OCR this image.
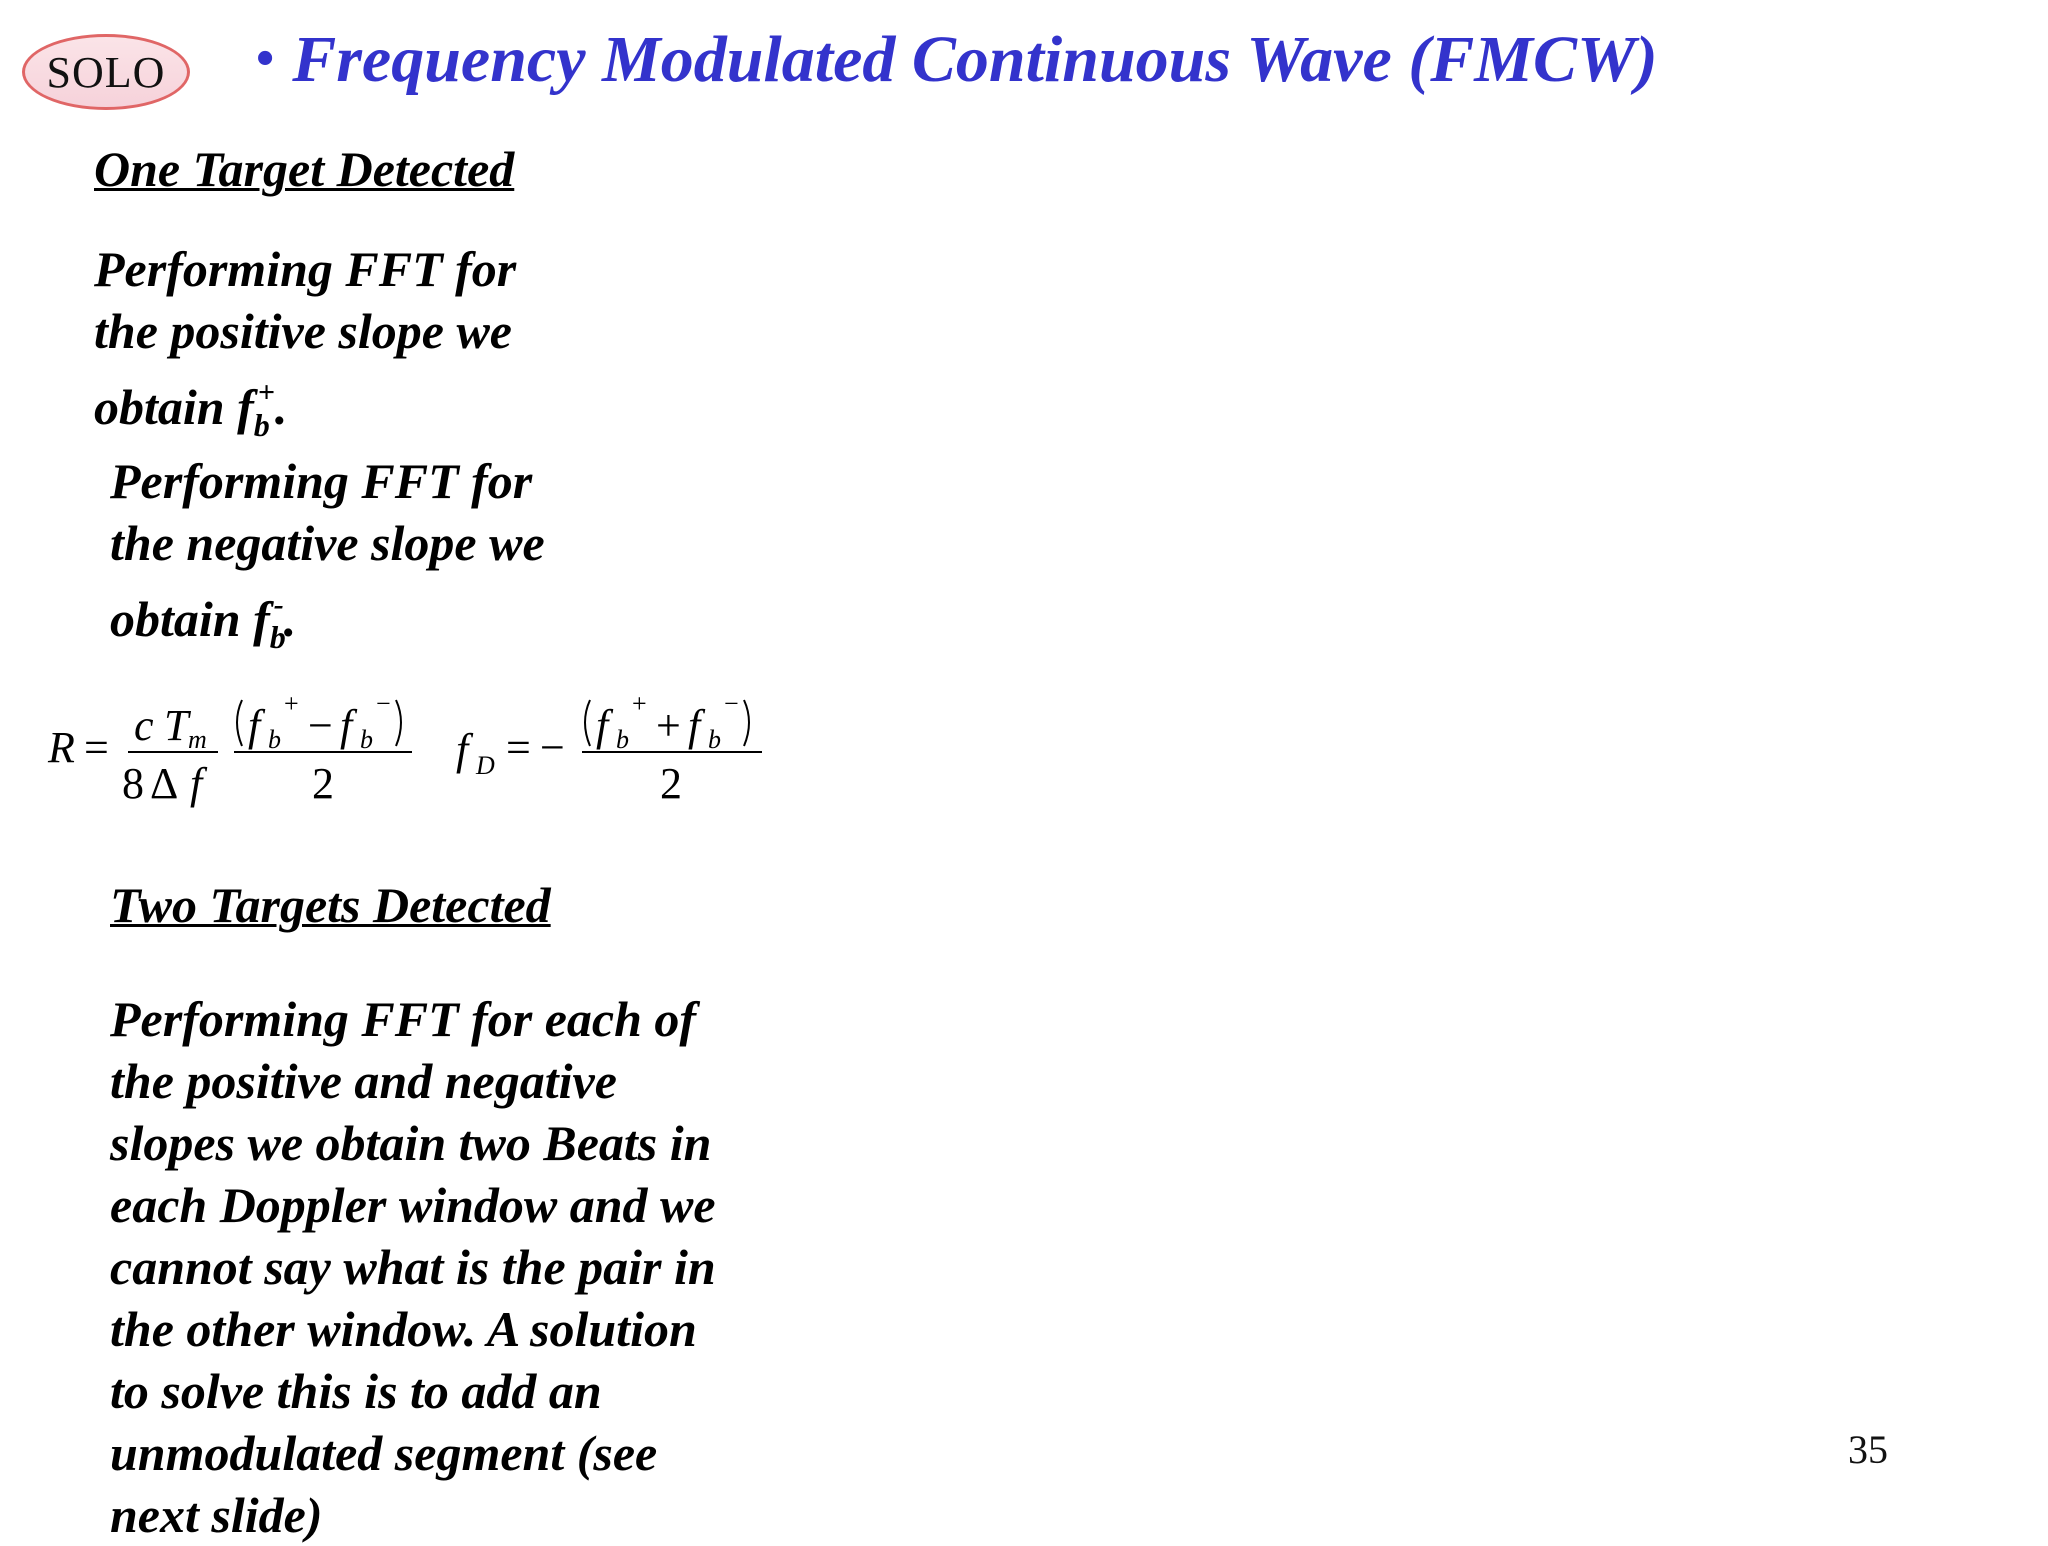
SOLO • Frequency Modulated Continuous Wave (FMCW)
One Target Detected
Performing FFT for
the positive slope we
obtain $f_b^+$.
Performing FFT for
the negative slope we
obtain $f_b^-$.
R = c T m
8 Δ f
f b
+ − f b
−
2
f D = − f b
+ + f b
−
2
Two Targets Detected
Performing FFT for each of
the positive and negative
slopes we obtain two Beats in
each Doppler window and we
cannot say what is the pair in
the other window. A solution
to solve this is to add an
unmodulated segment (see
next slide)
35
